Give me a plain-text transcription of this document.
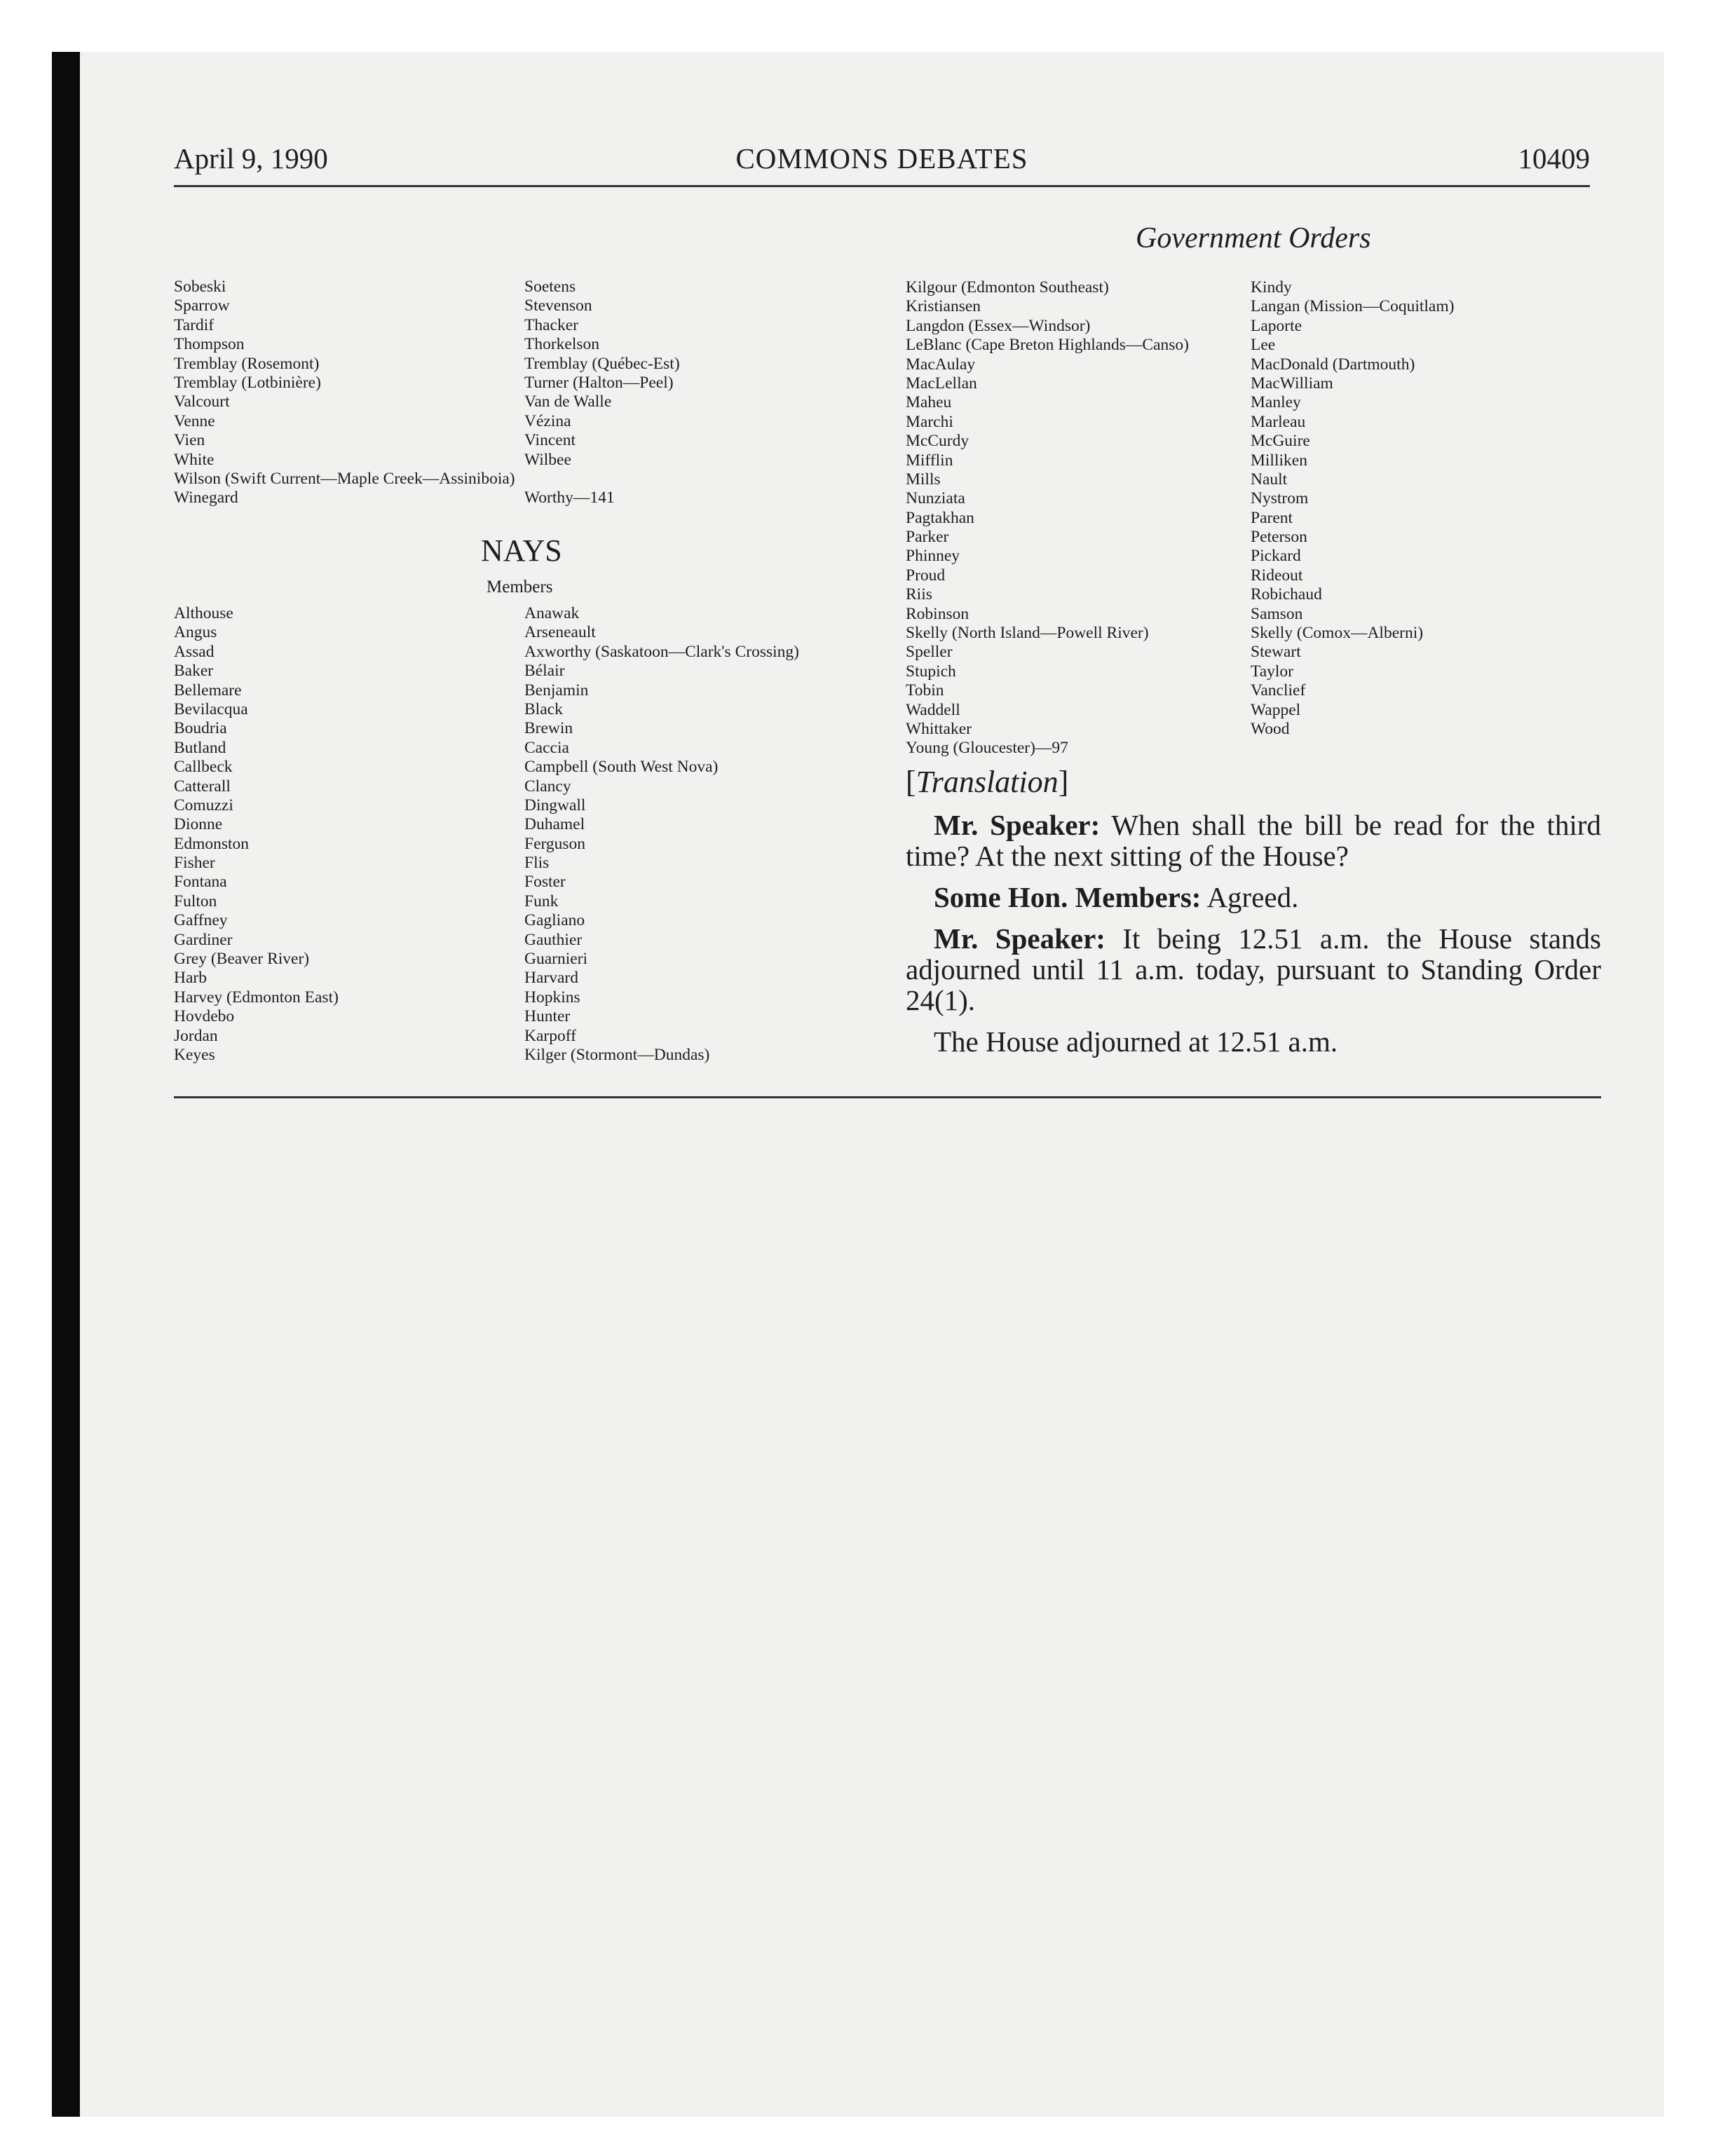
COMMONS DEBATES
April 9, 1990	10409
Government Orders
Sobeski
Sparrow
Tardif
Thompson
Tremblay (Rosemont)
Tremblay (Lotbinière)
Valcourt
Venne
Vien
White
Wilson (Swift Current—Maple Creek—Assiniboia)
Winegard
Soetens
Stevenson
Thacker
Thorkelson
Tremblay (Québec-Est)
Turner (Halton—Peel)
Van de Walle
Vézina
Vincent
Wilbee
Worthy—141
NAYS
Members
Althouse
Angus
Assad
Baker
Bellemare
Bevilacqua
Boudria
Butland
Callbeck
Catterall
Comuzzi
Dionne
Edmonston
Fisher
Fontana
Fulton
Gaffney
Gardiner
Grey (Beaver River)
Harb
Harvey (Edmonton East)
Hovdebo
Jordan
Keyes
Anawak
Arseneault
Axworthy (Saskatoon—Clark's Crossing)
Bélair
Benjamin
Black
Brewin
Caccia
Campbell (South West Nova)
Clancy
Dingwall
Duhamel
Ferguson
Flis
Foster
Funk
Gagliano
Gauthier
Guarnieri
Harvard
Hopkins
Hunter
Karpoff
Kilger (Stormont—Dundas)
Kilgour (Edmonton Southeast)
Kristiansen
Langdon (Essex—Windsor)
LeBlanc (Cape Breton Highlands—Canso)
MacAulay
MacLellan
Maheu
Marchi
McCurdy
Mifflin
Mills
Nunziata
Pagtakhan
Parker
Phinney
Proud
Riis
Robinson
Skelly (North Island—Powell River)
Speller
Stupich
Tobin
Waddell
Whittaker
Young (Gloucester)—97
Kindy
Langan (Mission—Coquitlam)
Laporte
Lee
MacDonald (Dartmouth)
MacWilliam
Manley
Marleau
McGuire
Milliken
Nault
Nystrom
Parent
Peterson
Pickard
Rideout
Robichaud
Samson
Skelly (Comox—Alberni)
Stewart
Taylor
Vanclief
Wappel
Wood
[Translation]

Mr. Speaker: When shall the bill be read for the third time? At the next sitting of the House?

Some Hon. Members: Agreed.

Mr. Speaker: It being 12.51 a.m. the House stands adjourned until 11 a.m. today, pursuant to Standing Order 24(1).

The House adjourned at 12.51 a.m.
